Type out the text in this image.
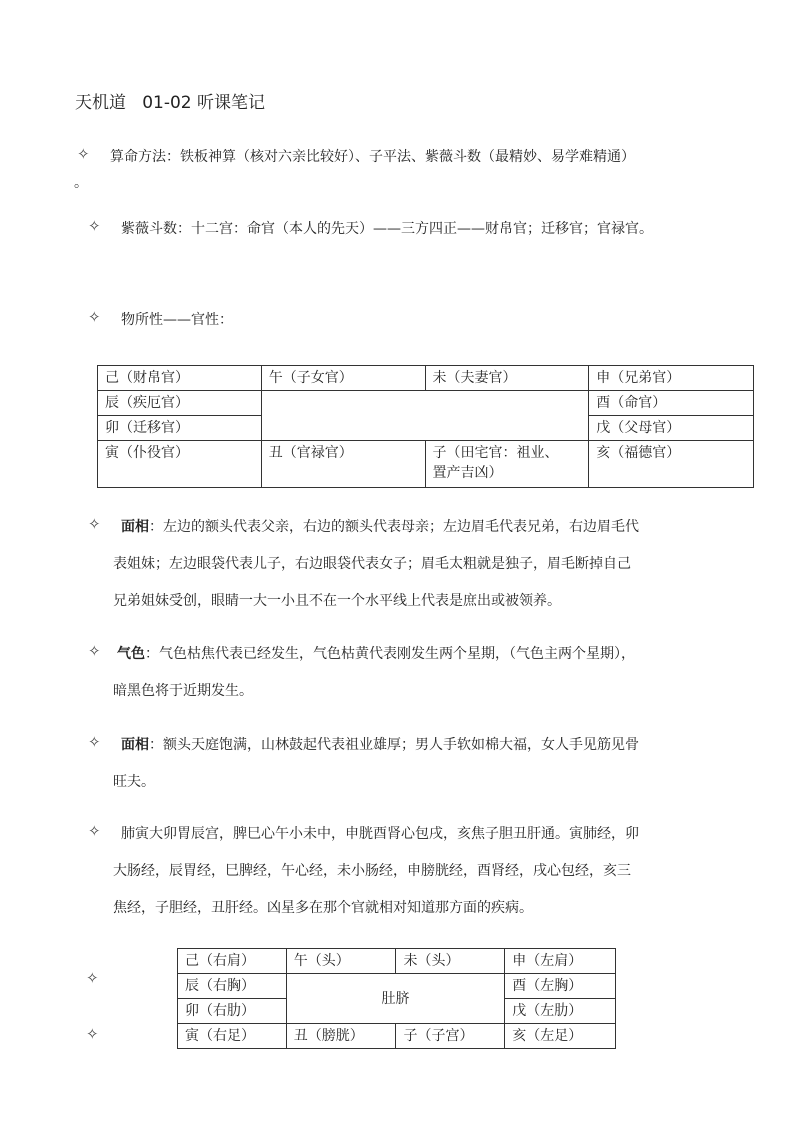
天机道   01-02 听课笔记
✧ 算命方法：铁板神算（核对六亲比较好）、子平法、紫薇斗数（最精妙、易学难精通）
。
✧ 紫薇斗数：十二宫：命官（本人的先天）——三方四正——财帛官；迁移官；官禄官。
✧ 物所性——官性：
己（财帛官）	午（子女官）	未（夫妻官）	申（兄弟官）
辰（疾厄官）			酉（命官）
卯（迁移官）			戊（父母官）
寅（仆役官）	丑（官禄官）	子（田宅官：祖业、
置产吉凶）	亥（福德官）
✧ 面相：左边的额头代表父亲，右边的额头代表母亲；左边眉毛代表兄弟，右边眉毛代
表姐妹；左边眼袋代表儿子，右边眼袋代表女子；眉毛太粗就是独子，眉毛断掉自己
兄弟姐妹受创，眼睛一大一小且不在一个水平线上代表是庶出或被领养。
✧ 气色：气色枯焦代表已经发生，气色枯黄代表刚发生两个星期，（气色主两个星期），
暗黑色将于近期发生。
✧ 面相：额头天庭饱满，山林鼓起代表祖业雄厚；男人手软如棉大福，女人手见筋见骨
旺夫。
✧ 肺寅大卯胃辰宫，脾巳心午小未中，申胱酉肾心包戌，亥焦子胆丑肝通。寅肺经，卯
大肠经，辰胃经，巳脾经，午心经，未小肠经，申膀胱经，酉肾经，戌心包经，亥三
焦经，子胆经，丑肝经。凶星多在那个官就相对知道那方面的疾病。
✧
✧
己（右肩）	午（头）	未（头）	申（左肩）
辰（右胸）	肚脐		酉（左胸）
卯（右肋）			戊（左肋）
寅（右足）	丑（膀胱）	子（子宫）	亥（左足）
